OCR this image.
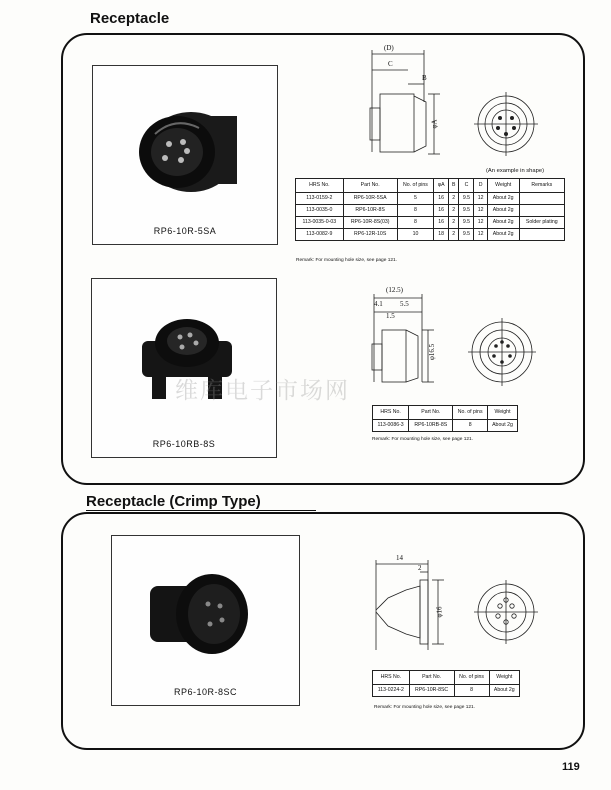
Receptacle
Receptacle (Crimp Type)
RP6-10R-5SA
RP6-10RB-8S
RP6-10R-8SC
(D)
C
B
φA
(An example in shape)
HRS No.	Part No.	No. of pins	φA	B	C	D	Weight	Remarks
113-0159-2	RP6-10R-5SA	5	16	2	9.5	12	About 2g	
113-0035-0	RP6-10R-8S	8	16	2	9.5	12	About 2g	
113-0035-0-03	RP6-10R-8S(03)	8	16	2	9.5	12	About 2g	Solder plating
113-0082-9	RP6-12R-10S	10	18	2	9.5	12	About 2g	
Remark: For mounting hole size, see page 121.
(12.5)
4.1 5.5
1.5
φ16.5
HRS No.	Part No.	No. of pins	Weight
113-0086-3	RP6-10RB-8S	8	About 2g
Remark: For mounting hole size, see page 121.
14
2
φ16
HRS No.	Part No.	No. of pins	Weight
113-0224-2	RP6-10R-8SC	8	About 2g
Remark: For mounting hole size, see page 121.
维库电子市场网
119
